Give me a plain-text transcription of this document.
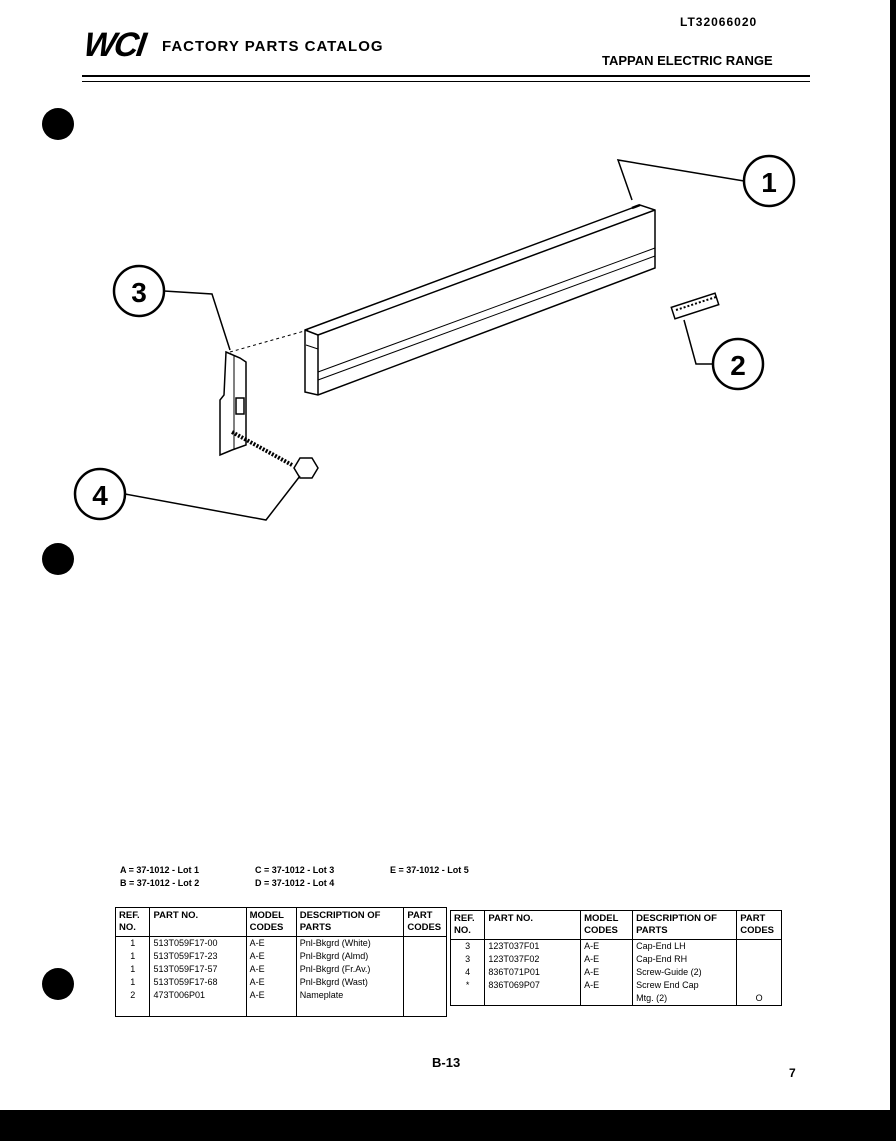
LT32066020
WCI FACTORY PARTS CATALOG
TAPPAN ELECTRIC RANGE
1
2
3
4
A = 37-1012 - Lot 1
B = 37-1012 - Lot 2
C = 37-1012 - Lot 3
D = 37-1012 - Lot 4
E = 37-1012 - Lot 5
REF. NO.	PART NO.	MODEL CODES	DESCRIPTION OF PARTS	PART CODES
1	513T059F17-00	A-E	Pnl-Bkgrd (White)	
1	513T059F17-23	A-E	Pnl-Bkgrd (Almd)	
1	513T059F17-57	A-E	Pnl-Bkgrd (Fr.Av.)	
1	513T059F17-68	A-E	Pnl-Bkgrd (Wast)	
2	473T006P01	A-E	Nameplate	

REF. NO.	PART NO.	MODEL CODES	DESCRIPTION OF PARTS	PART CODES
3	123T037F01	A-E	Cap-End LH	
3	123T037F02	A-E	Cap-End RH	
4	836T071P01	A-E	Screw-Guide (2)	
*	836T069P07	A-E	Screw End Cap	
			Mtg. (2)	O
B-13
7
